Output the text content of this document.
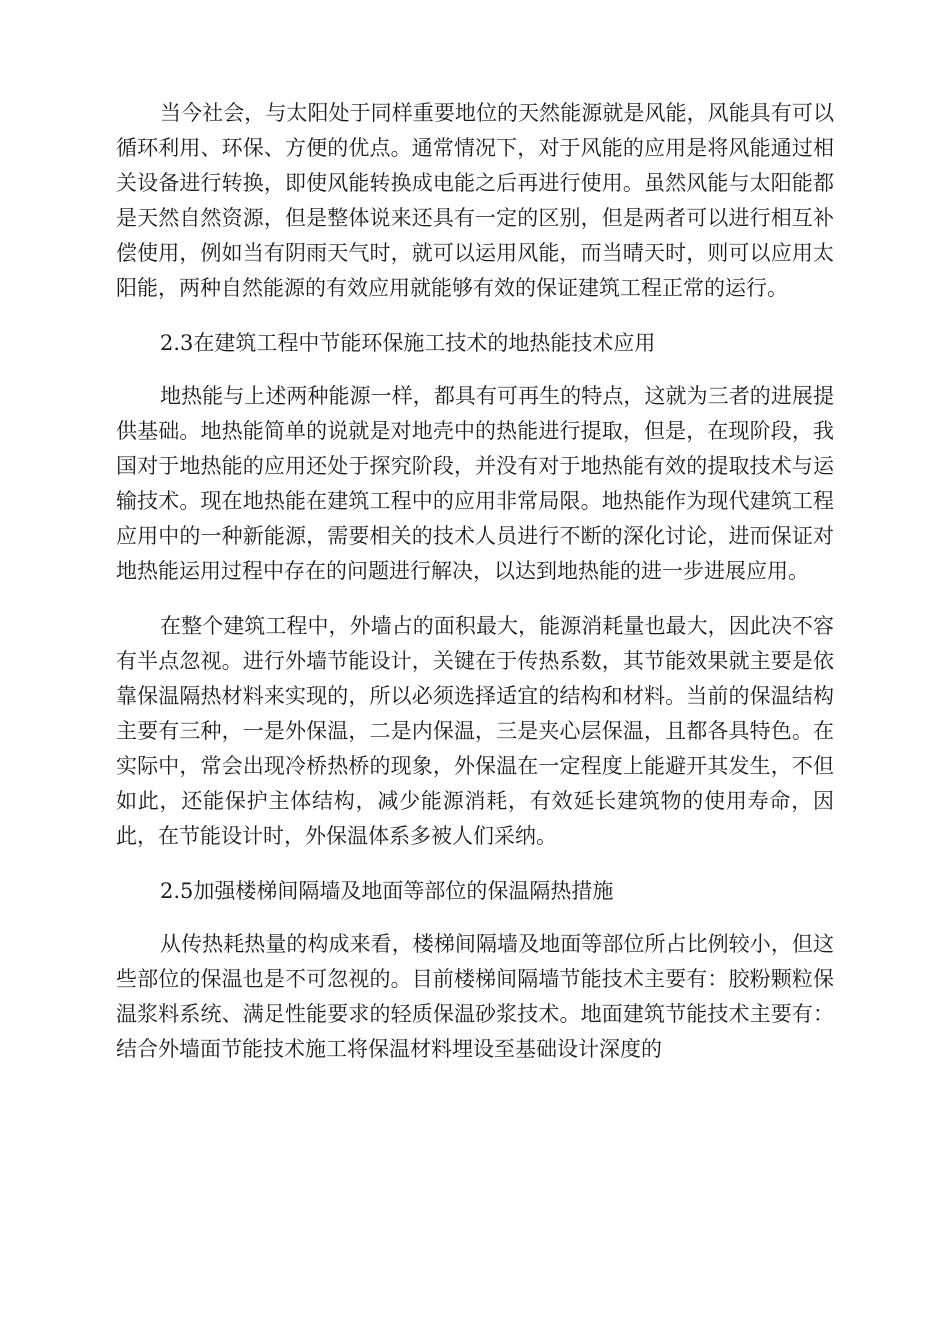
当今社会，与太阳处于同样重要地位的天然能源就是风能，风能具有可以循环利用、环保、方便的优点。通常情况下，对于风能的应用是将风能通过相关设备进行转换，即使风能转换成电能之后再进行使用。虽然风能与太阳能都是天然自然资源，但是整体说来还具有一定的区别，但是两者可以进行相互补偿使用，例如当有阴雨天气时，就可以运用风能，而当晴天时，则可以应用太阳能，两种自然能源的有效应用就能够有效的保证建筑工程正常的运行。

2.3在建筑工程中节能环保施工技术的地热能技术应用

地热能与上述两种能源一样，都具有可再生的特点，这就为三者的进展提供基础。地热能简单的说就是对地壳中的热能进行提取，但是，在现阶段，我国对于地热能的应用还处于探究阶段，并没有对于地热能有效的提取技术与运输技术。现在地热能在建筑工程中的应用非常局限。地热能作为现代建筑工程应用中的一种新能源，需要相关的技术人员进行不断的深化讨论，进而保证对地热能运用过程中存在的问题进行解决，以达到地热能的进一步进展应用。

在整个建筑工程中，外墙占的面积最大，能源消耗量也最大，因此决不容有半点忽视。进行外墙节能设计，关键在于传热系数，其节能效果就主要是依靠保温隔热材料来实现的，所以必须选择适宜的结构和材料。当前的保温结构主要有三种，一是外保温，二是内保温，三是夹心层保温，且都各具特色。在实际中，常会出现冷桥热桥的现象，外保温在一定程度上能避开其发生，不但如此，还能保护主体结构，减少能源消耗，有效延长建筑物的使用寿命，因此，在节能设计时，外保温体系多被人们采纳。

2.5加强楼梯间隔墙及地面等部位的保温隔热措施

从传热耗热量的构成来看，楼梯间隔墙及地面等部位所占比例较小，但这些部位的保温也是不可忽视的。目前楼梯间隔墙节能技术主要有：胶粉颗粒保温浆料系统、满足性能要求的轻质保温砂浆技术。地面建筑节能技术主要有：结合外墙面节能技术施工将保温材料埋设至基础设计深度的
